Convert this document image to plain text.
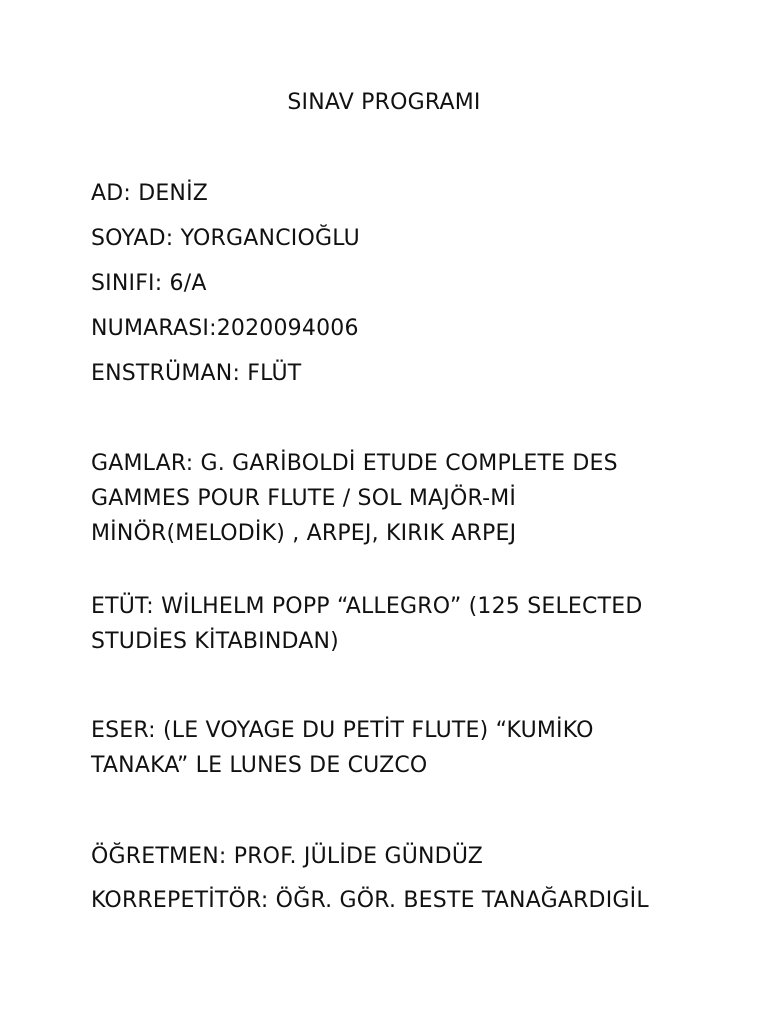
SINAV PROGRAMI
AD: DENİZ
SOYAD: YORGANCIOĞLU
SINIFI: 6/A
NUMARASI:2020094006
ENSTRÜMAN: FLÜT
GAMLAR: G. GARİBOLDİ ETUDE COMPLETE DES
GAMMES POUR FLUTE / SOL MAJÖR-Mİ
MİNÖR(MELODİK) , ARPEJ, KIRIK ARPEJ
ETÜT: WİLHELM POPP “ALLEGRO” (125 SELECTED
STUDİES KİTABINDAN)
ESER: (LE VOYAGE DU PETİT FLUTE) “KUMİKO
TANAKA” LE LUNES DE CUZCO
ÖĞRETMEN: PROF. JÜLİDE GÜNDÜZ
KORREPETİTÖR: ÖĞR. GÖR. BESTE TANAĞARDIGİL
